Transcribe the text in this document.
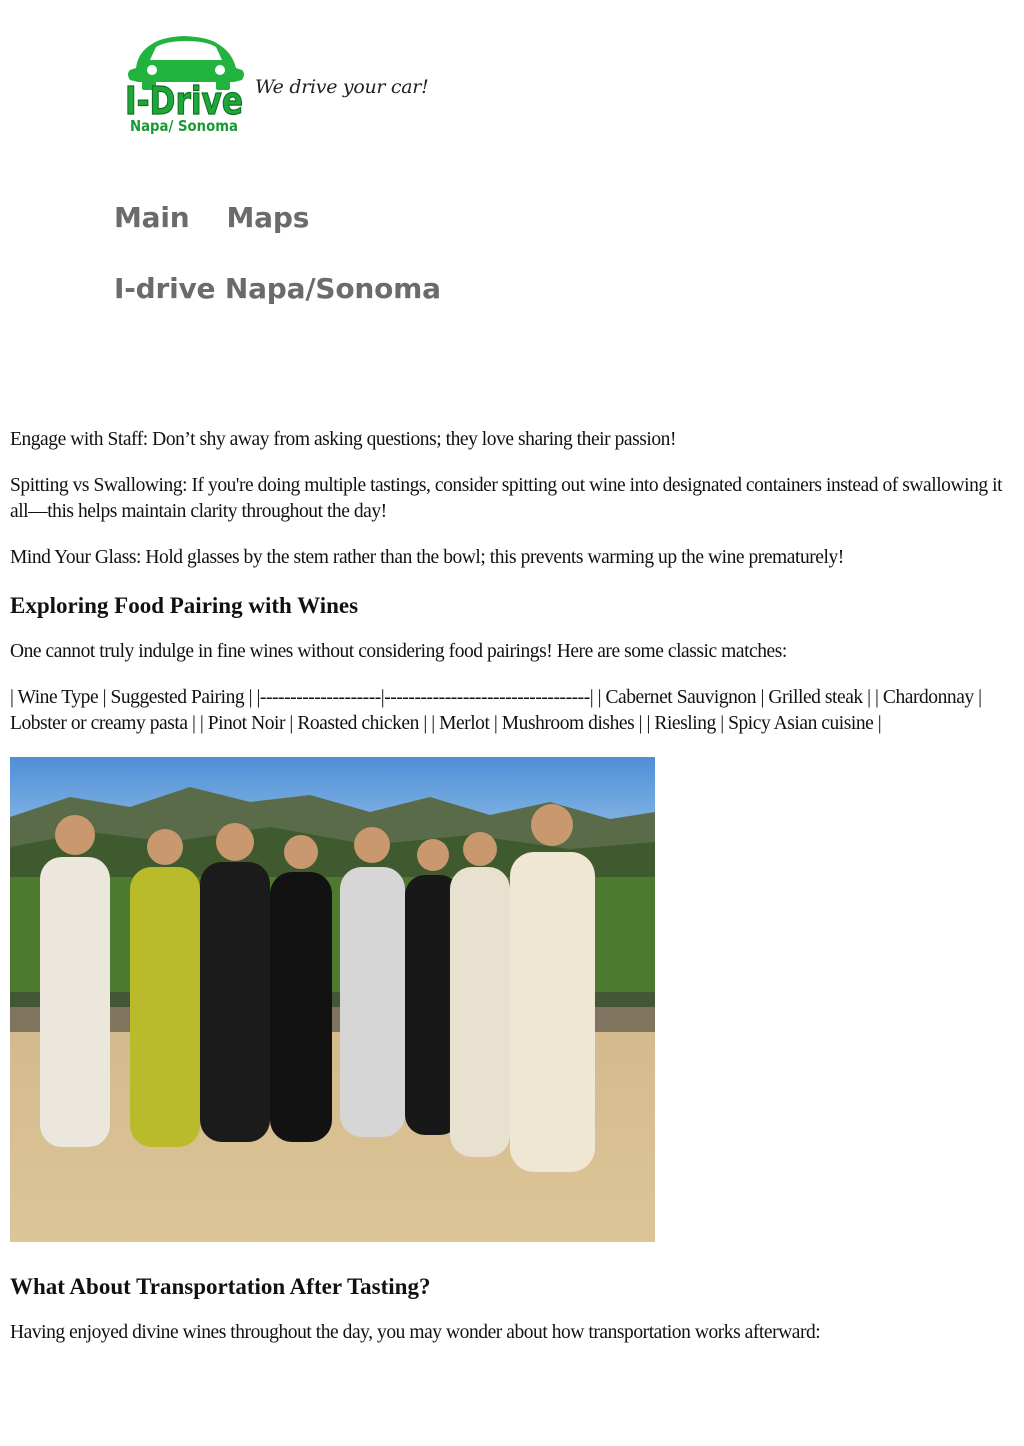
I-Drive
Napa/ Sonoma
We drive your car!
Main Maps
I-drive Napa/Sonoma

Engage with Staff: Don’t shy away from asking questions; they love sharing their passion!

Spitting vs Swallowing: If you're doing multiple tastings, consider spitting out wine into designated containers instead of swallowing it all—this helps maintain clarity throughout the day!

Mind Your Glass: Hold glasses by the stem rather than the bowl; this prevents warming up the wine prematurely!

Exploring Food Pairing with Wines

One cannot truly indulge in fine wines without considering food pairings! Here are some classic matches:

| Wine Type | Suggested Pairing | |--------------------|----------------------------------| | Cabernet Sauvignon | Grilled steak | | Chardonnay | Lobster or creamy pasta | | Pinot Noir | Roasted chicken | | Merlot | Mushroom dishes | | Riesling | Spicy Asian cuisine |

What About Transportation After Tasting?

Having enjoyed divine wines throughout the day, you may wonder about how transportation works afterward:
